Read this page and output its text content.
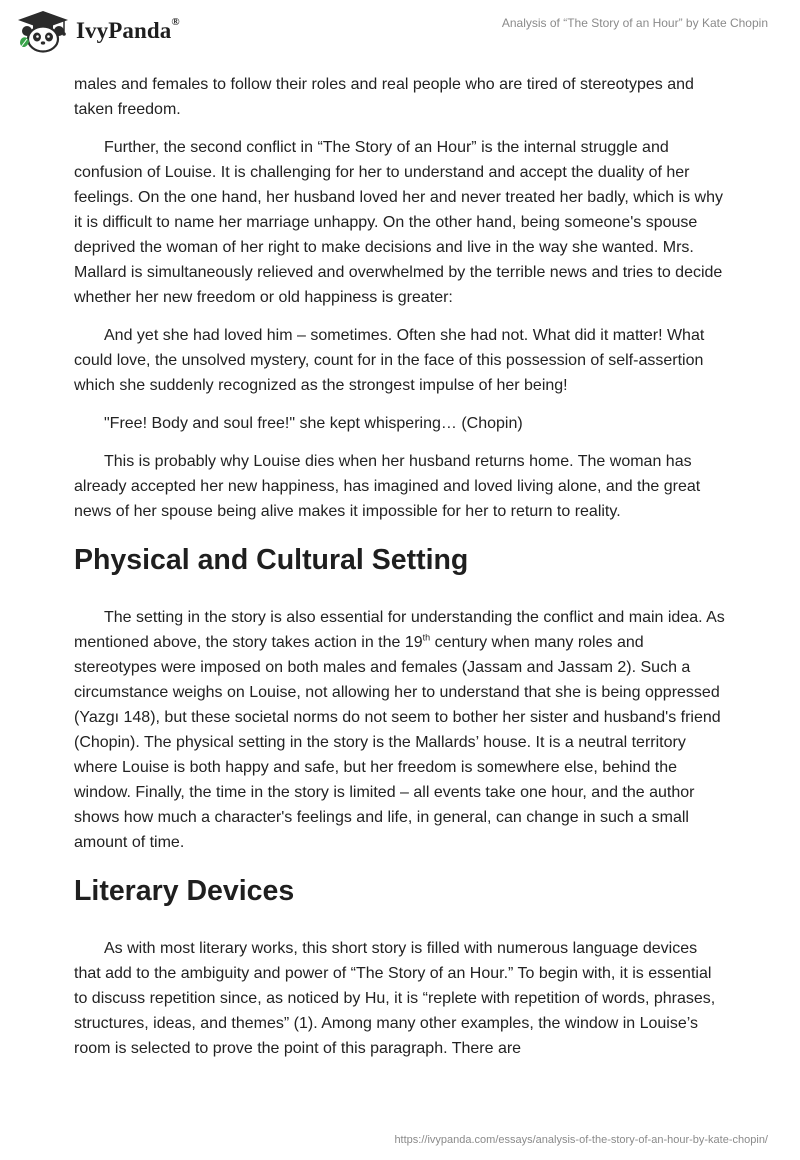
IvyPanda®	Analysis of “The Story of an Hour” by Kate Chopin

males and females to follow their roles and real people who are tired of stereotypes and taken freedom.

Further, the second conflict in “The Story of an Hour” is the internal struggle and confusion of Louise. It is challenging for her to understand and accept the duality of her feelings. On the one hand, her husband loved her and never treated her badly, which is why it is difficult to name her marriage unhappy. On the other hand, being someone's spouse deprived the woman of her right to make decisions and live in the way she wanted. Mrs. Mallard is simultaneously relieved and overwhelmed by the terrible news and tries to decide whether her new freedom or old happiness is greater:

And yet she had loved him – sometimes. Often she had not. What did it matter! What could love, the unsolved mystery, count for in the face of this possession of self-assertion which she suddenly recognized as the strongest impulse of her being!

"Free! Body and soul free!" she kept whispering… (Chopin)

This is probably why Louise dies when her husband returns home. The woman has already accepted her new happiness, has imagined and loved living alone, and the great news of her spouse being alive makes it impossible for her to return to reality.

Physical and Cultural Setting

The setting in the story is also essential for understanding the conflict and main idea. As mentioned above, the story takes action in the 19th century when many roles and stereotypes were imposed on both males and females (Jassam and Jassam 2). Such a circumstance weighs on Louise, not allowing her to understand that she is being oppressed (Yazgı 148), but these societal norms do not seem to bother her sister and husband's friend (Chopin). The physical setting in the story is the Mallards’ house. It is a neutral territory where Louise is both happy and safe, but her freedom is somewhere else, behind the window. Finally, the time in the story is limited – all events take one hour, and the author shows how much a character's feelings and life, in general, can change in such a small amount of time.

Literary Devices

As with most literary works, this short story is filled with numerous language devices that add to the ambiguity and power of “The Story of an Hour.” To begin with, it is essential to discuss repetition since, as noticed by Hu, it is “replete with repetition of words, phrases, structures, ideas, and themes” (1). Among many other examples, the window in Louise’s room is selected to prove the point of this paragraph. There are

https://ivypanda.com/essays/analysis-of-the-story-of-an-hour-by-kate-chopin/
